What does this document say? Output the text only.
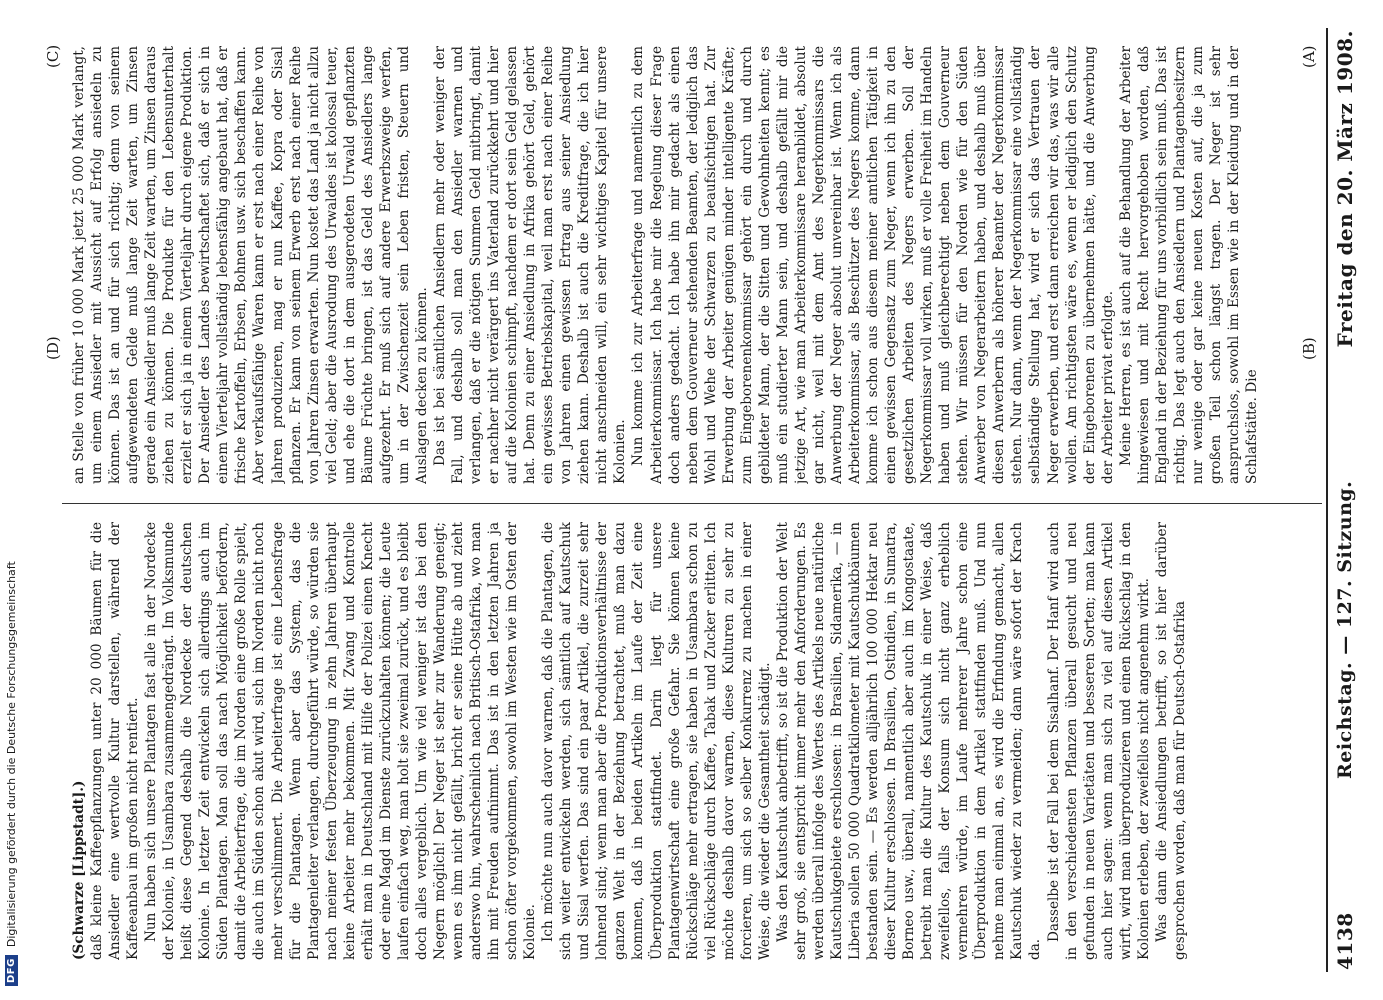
DFG
Digitalisierung gefördert durch die Deutsche Forschungsgemeinschaft	4138
Reichstag. — 127. Sitzung.
Freitag den 20. März 1908.
(A)
(B)
(C)
(D)

(Schwarze [Lippstadt].) daß kleine Kaffeepflanzungen unter 20 000 Bäumen für die Ansiedler eine wertvolle Kultur darstellen, während der Kaffeeanbau im großen nicht rentiert. Nun haben sich unsere Plantagen fast alle in der Nordecke der Kolonie, in Usambara zusammengedrängt. Im Volksmunde heißt diese Gegend deshalb die Nordecke der deutschen Kolonie. In letzter Zeit entwickeln sich allerdings auch im Süden Plantagen. Man soll das nach Möglichkeit befördern, damit die Arbeiterfrage, die im Norden eine große Rolle spielt, die auch im Süden schon akut wird, sich im Norden nicht noch mehr verschlimmert. Die Arbeiterfrage ist eine Lebensfrage für die Plantagen. Wenn aber das System, das die Plantagenleiter verlangen, durchgeführt würde, so würden sie nach meiner festen Überzeugung in zehn Jahren überhaupt keine Arbeiter mehr bekommen. Mit Zwang und Kontrolle erhält man in Deutschland mit Hilfe der Polizei einen Knecht oder eine Magd im Dienste zurückzuhalten können; die Leute laufen einfach weg, man holt sie zweimal zurück, und es bleibt doch alles vergeblich. Um wie viel weniger ist das bei den Negern möglich! Der Neger ist sehr zur Wanderung geneigt; wenn es ihm nicht gefällt, bricht er seine Hütte ab und zieht anderswo hin, wahrscheinlich nach Britisch-Ostafrika, wo man ihn mit Freuden aufnimmt. Das ist in den letzten Jahren ja schon öfter vorgekommen, sowohl im Westen wie im Osten der Kolonie. Ich möchte nun auch davor warnen, daß die Plantagen, die sich weiter entwickeln werden, sich sämtlich auf Kautschuk und Sisal werfen. Das sind ein paar Artikel, die zurzeit sehr lohnend sind; wenn man aber die Produktionsverhältnisse der ganzen Welt in der Beziehung betrachtet, muß man dazu kommen, daß in beiden Artikeln im Laufe der Zeit eine Überproduktion stattfindet. Darin liegt für unsere Plantagenwirtschaft eine große Gefahr. Sie können keine Rückschläge mehr ertragen, sie haben in Usambara schon zu viel Rückschläge durch Kaffee, Tabak und Zucker erlitten. Ich möchte deshalb davor warnen, diese Kulturen zu sehr zu forcieren, um sich so selber Konkurrenz zu machen in einer Weise, die wieder die Gesamtheit schädigt. Was den Kautschuk anbetrifft, so ist die Produktion der Welt sehr groß, sie entspricht immer mehr den Anforderungen. Es werden überall infolge des Wertes des Artikels neue natürliche Kautschukgebiete erschlossen: in Brasilien, Sidamerika, — in Liberia sollen 50 000 Quadratkilometer mit Kautschukbäumen bestanden sein. — Es werden alljährlich 100 000 Hektar neu dieser Kultur erschlossen. In Brasilien, Ostindien, in Sumatra, Borneo usw., überall, namentlich aber auch im Kongostaate, betreibt man die Kultur des Kautschuk in einer Weise, daß zweifellos, falls der Konsum sich nicht ganz erheblich vermehren würde, im Laufe mehrerer Jahre schon eine Überproduktion in dem Artikel stattfinden muß. Und nun nehme man einmal an, es wird die Erfindung gemacht, allen Kautschuk wieder zu vermeiden; dann wäre sofort der Krach da.

Dasselbe ist der Fall bei dem Sisalhanf. Der Hanf wird auch in den verschiedensten Pflanzen überall gesucht und neu gefunden in neuen Varietäten und besseren Sorten; man kann auch hier sagen: wenn man sich zu viel auf diesen Artikel wirft, wird man überproduzieren und einen Rückschlag in den Kolonien erleben, der zweifellos nicht angenehm wirkt. Was dann die Ansiedlungen betrifft, so ist hier darüber gesprochen worden, daß man für Deutsch-Ostafrika

an Stelle von früher 10 000 Mark jetzt 25 000 Mark verlangt, um einem Ansiedler mit Aussicht auf Erfolg ansiedeln zu können. Das ist an und für sich richtig; denn von seinem aufgewendeten Gelde muß lange Zeit warten, um Zinsen gerade ein Ansiedler muß lange Zeit warten, um Zinsen daraus ziehen zu können. Die Produkte für den Lebensunterhalt erzielt er sich ja in einem Vierteljahr durch eigene Produktion. Der Ansiedler des Landes bewirtschaftet sich, daß er sich in einem Vierteljahr vollständig lebensfähig angebaut hat, daß er frische Kartoffeln, Erbsen, Bohnen usw. sich beschaffen kann. Aber verkaufsfähige Waren kann er erst nach einer Reihe von Jahren produzieren, mag er nun Kaffee, Kopra oder Sisal pflanzen. Er kann von seinem Erwerb erst nach einer Reihe von Jahren Zinsen erwarten. Nun kostet das Land ja nicht allzu viel Geld; aber die Ausrodung des Urwaldes ist kolossal teuer, und ehe die dort in dem ausgerodeten Urwald gepflanzten Bäume Früchte bringen, ist das Geld des Ansiedlers lange aufgezehrt. Er muß sich auf andere Erwerbszweige werfen, um in der Zwischenzeit sein Leben fristen, Steuern und Auslagen decken zu können. Das ist bei sämtlichen Ansiedlern mehr oder weniger der Fall, und deshalb soll man den Ansiedler warnen und verlangen, daß er die nötigen Summen Geld mitbringt, damit er nachher nicht verärgert ins Vaterland zurückkehrt und hier auf die Kolonien schimpft, nachdem er dort sein Geld gelassen hat. Denn zu einer Ansiedlung in Afrika gehört Geld, gehört ein gewisses Betriebskapital, weil man erst nach einer Reihe von Jahren einen gewissen Ertrag aus seiner Ansiedlung ziehen kann. Deshalb ist auch die Kreditfrage, die ich hier nicht anschneiden will, ein sehr wichtiges Kapitel für unsere Kolonien. Nun komme ich zur Arbeiterfrage und namentlich zu dem Arbeiterkommissar. Ich habe mir die Regelung dieser Frage doch anders gedacht. Ich habe ihn mir gedacht als einen neben dem Gouverneur stehenden Beamten, der lediglich das Wohl und Wehe der Schwarzen zu beaufsichtigen hat. Zur Erwerbung der Arbeiter genügen minder intelligente Kräfte; zum Eingeborenenkommissar gehört ein durch und durch gebildeter Mann, der die Sitten und Gewohnheiten kennt; es muß ein studierter Mann sein, und deshalb gefällt mir die jetzige Art, wie man Arbeiterkommissare heranbildet, absolut gar nicht, weil mit dem Amt des Negerkommissars die Anwerbung der Neger absolut unvereinbar ist. Wenn ich als Arbeiterkommissar, als Beschützer des Negers komme, dann komme ich schon aus diesem meiner amtlichen Tätigkeit in einen gewissen Gegensatz zum Neger, wenn ich ihn zu den gesetzlichen Arbeiten des Negers erwerben. Soll der Negerkommissar voll wirken, muß er volle Freiheit im Handeln haben und muß gleichberechtigt neben dem Gouverneur stehen. Wir müssen für den Norden wie für den Süden Anwerber von Negerarbeitern haben, und deshalb muß über diesen Anwerbern als höherer Beamter der Negerkommissar stehen. Nur dann, wenn der Negerkommissar eine vollständig selbständige Stellung hat, wird er sich das Vertrauen der Neger erwerben, und erst dann erreichen wir das, was wir alle wollen. Am richtigsten wäre es, wenn er lediglich den Schutz der Eingeborenen zu übernehmen hätte, und die Anwerbung der Arbeiter privat erfolgte. Meine Herren, es ist auch auf die Behandlung der Arbeiter hingewiesen und mit Recht hervorgehoben worden, daß England in der Beziehung für uns vorbildlich sein muß. Das ist richtig. Das legt auch den Ansiedlern und Plantagenbesitzern nur wenige oder gar keine neuen Kosten auf, die ja zum großen Teil schon längst tragen. Der Neger ist sehr anspruchslos, sowohl im Essen wie in der Kleidung und in der Schlafstätte. Die
